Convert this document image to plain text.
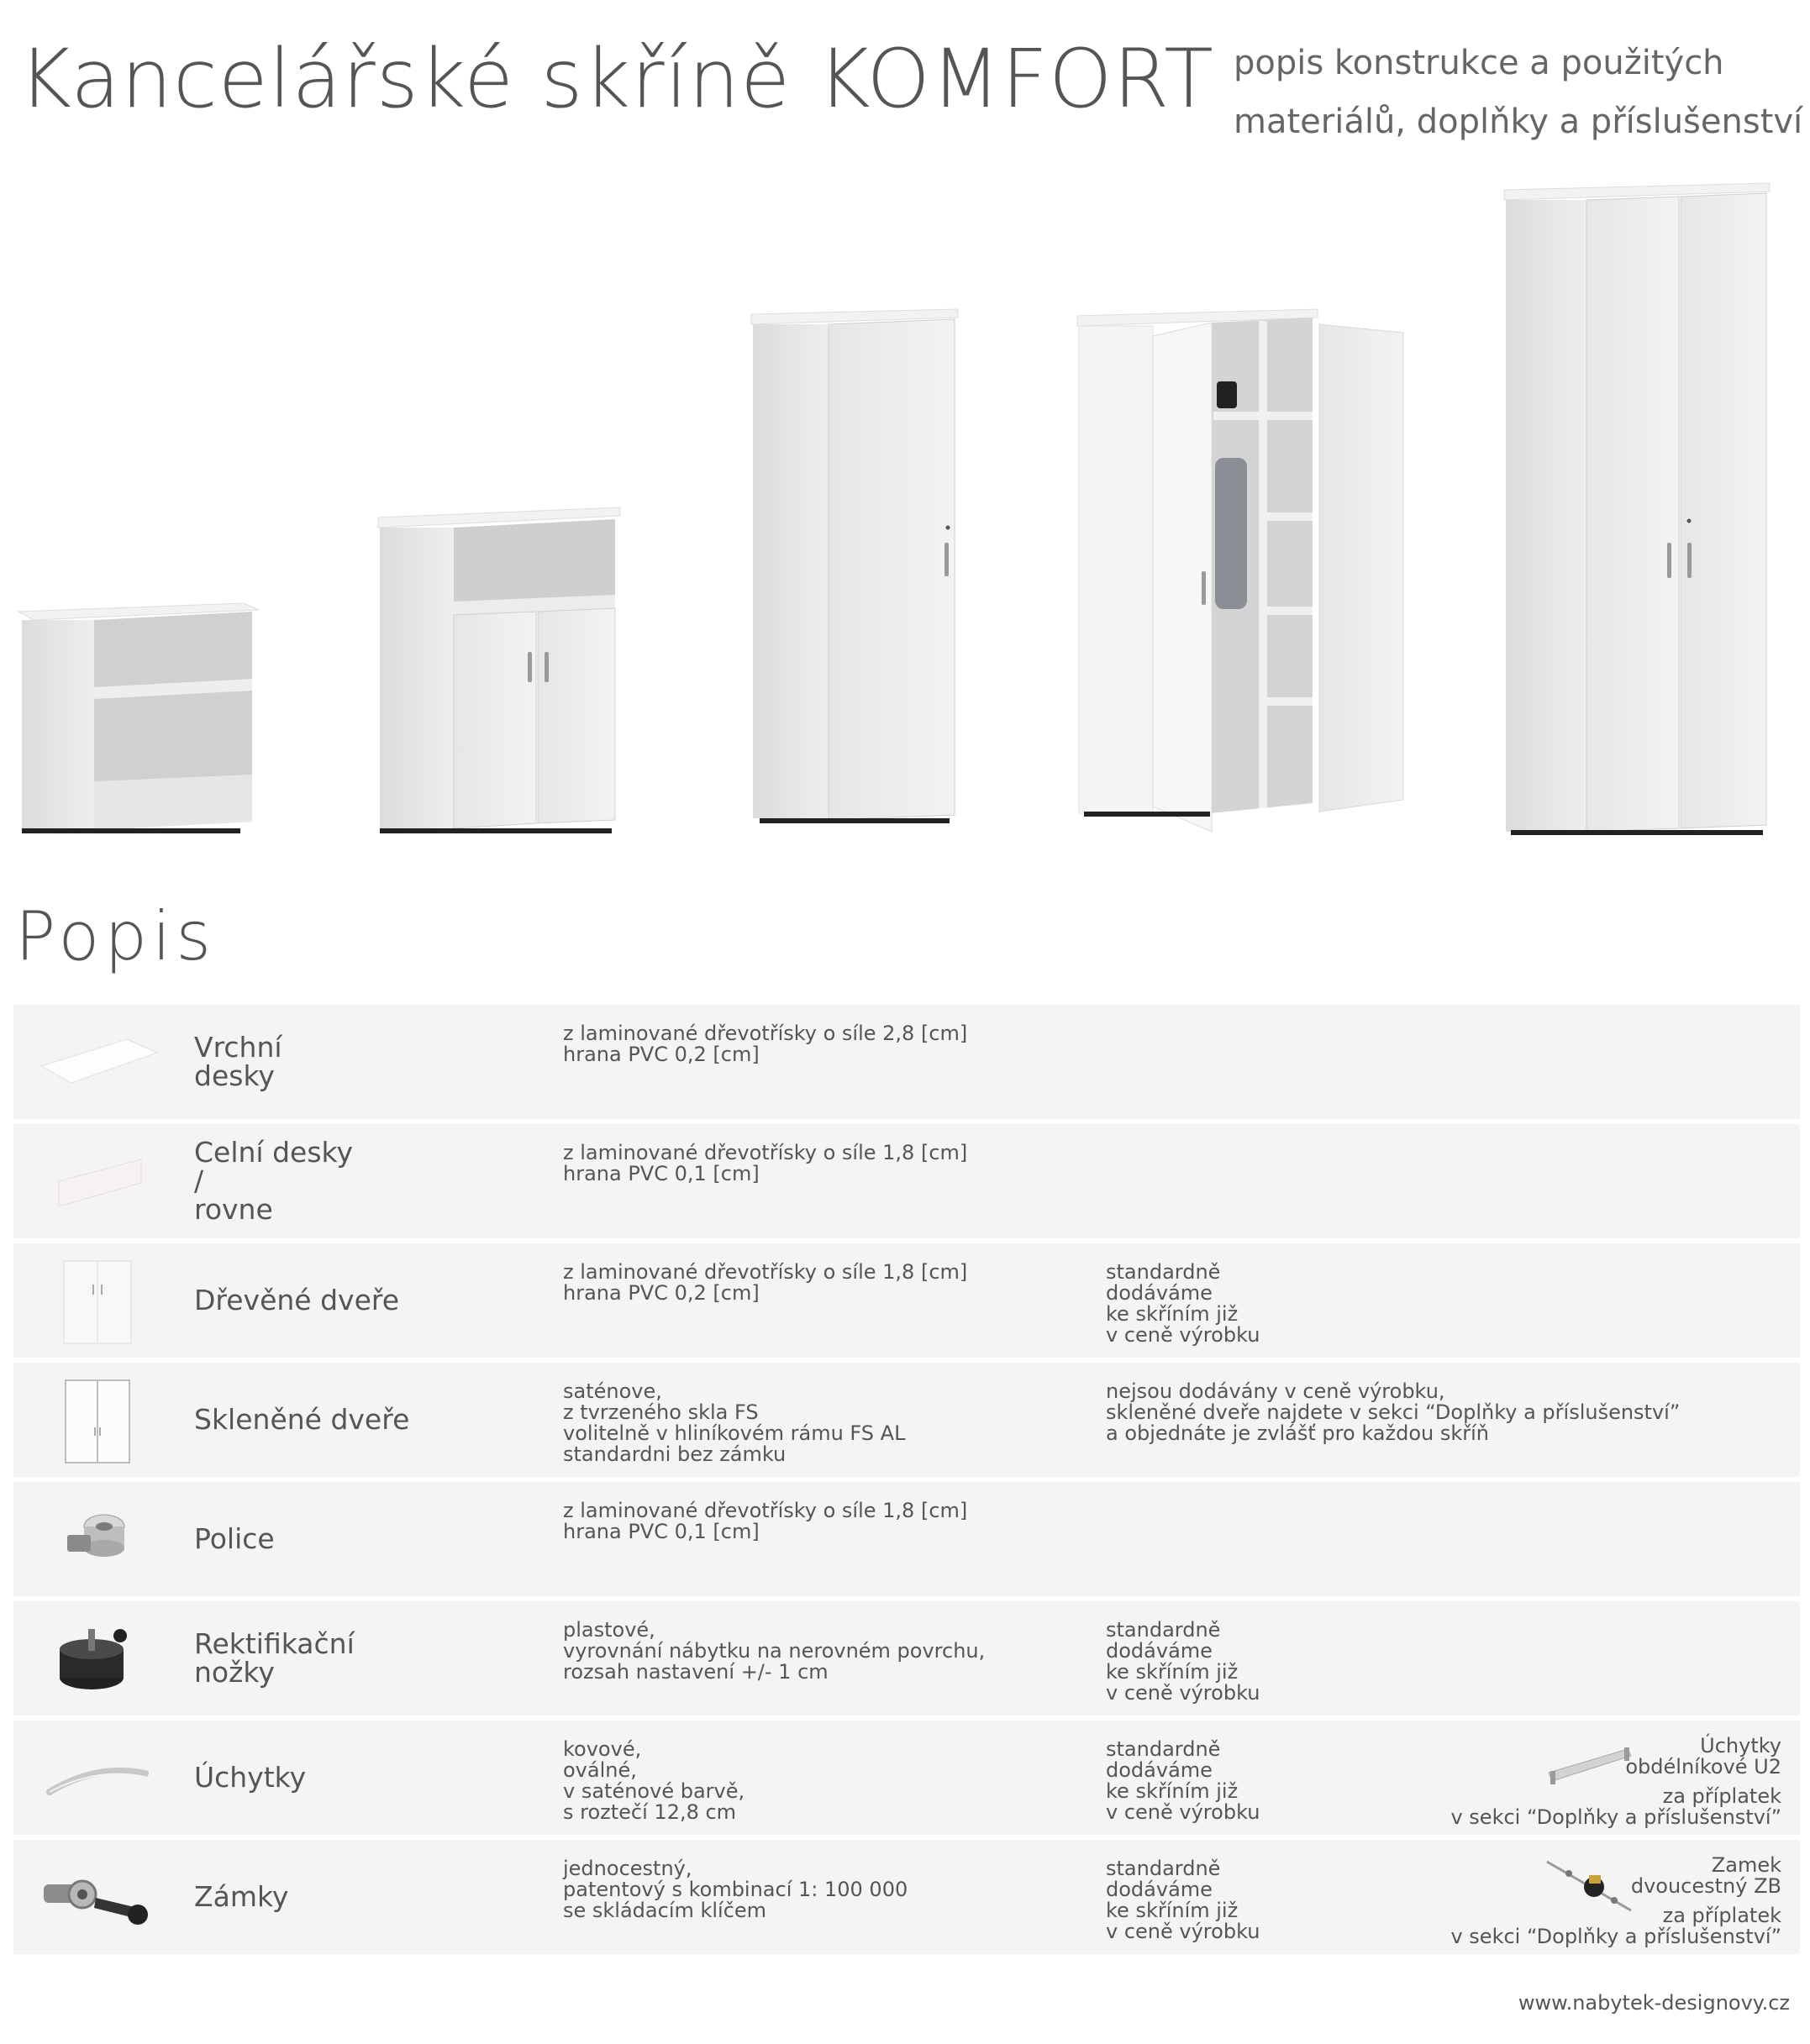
Kancelářské skříně KOMFORT popis konstrukce a použitých
materiálů, doplňky a příslušenství
Popis
Vrchní
desky
z laminované dřevotřísky o síle 2,8 [cm]
hrana PVC 0,2 [cm]
Celní desky
/
rovne
z laminované dřevotřísky o síle 1,8 [cm]
hrana PVC 0,1 [cm]
Dřevěné dveře
z laminované dřevotřísky o síle 1,8 [cm]
hrana PVC 0,2 [cm]
standardně
dodáváme
ke skříním již
v ceně výrobku
Skleněné dveře
saténove,
z tvrzeného skla FS
volitelně v hliníkovém rámu FS AL
standardni bez zámku
nejsou dodávány v ceně výrobku,
skleněné dveře najdete v sekci “Doplňky a příslušenství”
a objednáte je zvlášť pro každou skříň
Police
z laminované dřevotřísky o síle 1,8 [cm]
hrana PVC 0,1 [cm]
Rektifikační
nožky
plastové,
vyrovnání nábytku na nerovném povrchu,
rozsah nastavení +/- 1 cm
standardně
dodáváme
ke skříním již
v ceně výrobku
Úchytky
kovové,
oválné,
v saténové barvě,
s roztečí 12,8 cm
standardně
dodáváme
ke skříním již
v ceně výrobku
Úchytky
obdélníkové U2
za příplatek
v sekci “Doplňky a příslušenství”
Zámky
jednocestný,
patentový s kombinací 1: 100 000
se skládacím klíčem
standardně
dodáváme
ke skříním již
v ceně výrobku
Zamek
dvoucestný ZB
za příplatek
v sekci “Doplňky a příslušenství”
www.nabytek-designovy.cz
